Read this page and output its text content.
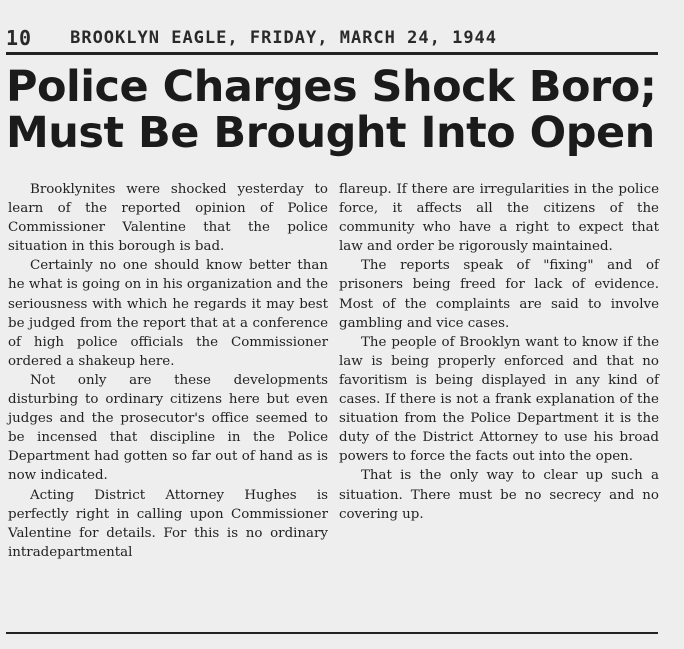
10 BROOKLYN EAGLE, FRIDAY, MARCH 24, 1944
Police Charges Shock Boro;
Must Be Brought Into Open

Brooklynites were shocked yesterday to learn of the reported opinion of Police Commissioner Valentine that the police situation in this borough is bad.

Certainly no one should know better than he what is going on in his organization and the seriousness with which he regards it may best be judged from the report that at a conference of high police officials the Commissioner ordered a shakeup here.

Not only are these developments disturbing to ordinary citizens here but even judges and the prosecutor's office seemed to be incensed that discipline in the Police Department had gotten so far out of hand as is now indicated.

Acting District Attorney Hughes is perfectly right in calling upon Commissioner Valentine for details. For this is no ordinary intradepartmental

flareup. If there are irregularities in the police force, it affects all the citizens of the community who have a right to expect that law and order be rigorously maintained.

The reports speak of "fixing" and of prisoners being freed for lack of evidence. Most of the complaints are said to involve gambling and vice cases.

The people of Brooklyn want to know if the law is being properly enforced and that no favoritism is being displayed in any kind of cases. If there is not a frank explanation of the situation from the Police Department it is the duty of the District Attorney to use his broad powers to force the facts out into the open.

That is the only way to clear up such a situation. There must be no secrecy and no covering up.
